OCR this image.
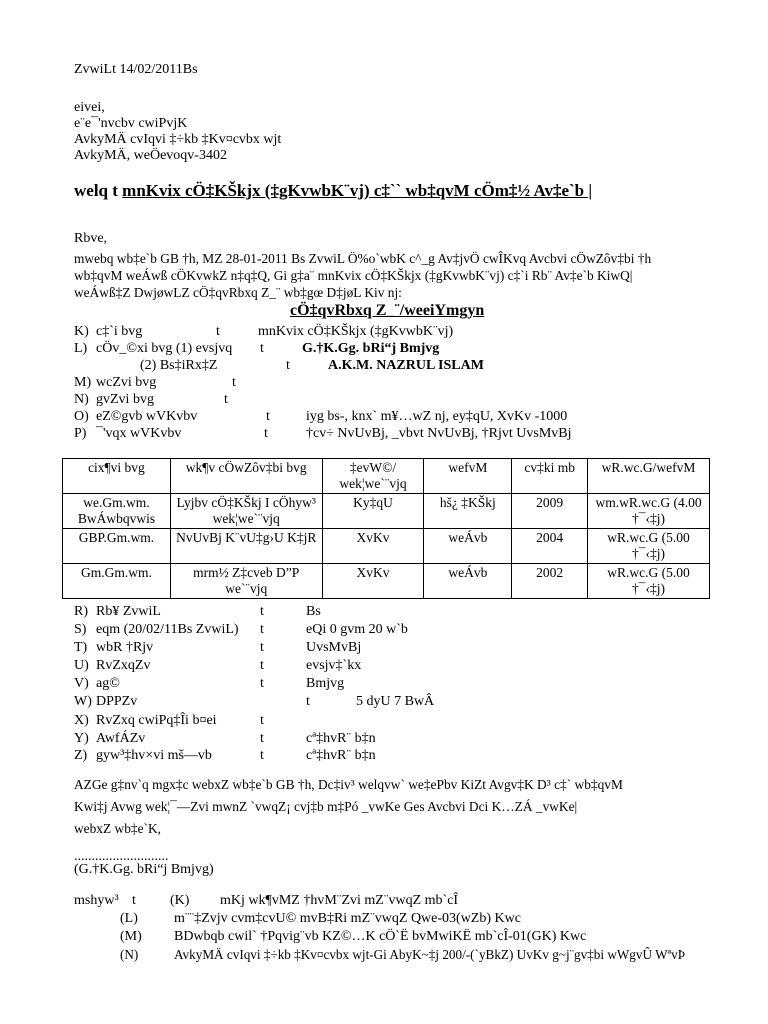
ZvwiLt 14/02/2011Bs
eivei,
e¨e¯'nvcbv cwiPvjK
AvkyMÄ cvIqvi ‡÷kb ‡Kv¤cvbx wjt
AvkyMÄ, weÖevoqv-3402
welq t mnKvix cÖ‡KŠkjx (‡gKvwbK¨vj) c‡`` wb‡qvM cÖm‡½ Av‡e`b |
Rbve,
mwebq wb‡e`b GB †h, MZ 28-01-2011 Bs ZvwiL Ö%o`wbK c^_g Av‡jvÖ cwÎKvq Avcbvi cÖwZôv‡bi †h
wb‡qvM weÁwß cÖKvwkZ n‡q‡Q, Gi g‡a¨ mnKvix cÖ‡KŠkjx (‡gKvwbK¨vj) c‡`i Rb¨ Av‡e`b KiwQ|
weÁwß‡Z DwjøwLZ cÖ‡qvRbxq Z_¨ wb‡gœ D‡jøL Kiv nj:
cÖ‡qvRbxq Z_¨/weeiYmgyn
K) c‡`i bvg	t	mnKvix cÖ‡KŠkjx (‡gKvwbK¨vj)
L) cÖv_©xi bvg (1) evsjvq t	G.†K.Gg. bRi“j Bmjvg
(2) Bs‡iRx‡Z	t	A.K.M. NAZRUL ISLAM
M) wcZvi bvg	t
N) gvZvi bvg	t
O) eZ©gvb wVKvbv	t	iyg bs-, knx` m¥…wZ nj, ey‡qU, XvKv -1000
P) ¯'vqx wVKvbv	t	†cv÷ NvUvBj, _vbvt NvUvBj, †Rjvt UvsMvBj
cix¶vi bvg	wk¶v cÖwZôv‡bi bvg	‡evW©/ wek¦we`¨vjq	wefvM	cv‡ki mb	wR.wc.G/wefvM
we.Gm.wm. BwÁwbqvwis	Lyjbv cÖ‡KŠkj I cÖhyw³ wek¦we`¨vjq	Ky‡qU	hš¿ ‡KŠkj	2009	wm.wR.wc.G (4.00 †¯‹‡j)
GBP.Gm.wm.	NvUvBj K¨vU‡g›U K‡jR	XvKv	weÁvb	2004	wR.wc.G (5.00 †¯‹‡j)
Gm.Gm.wm.	mrm½ Z‡cveb D”P we`¨vjq	XvKv	weÁvb	2002	wR.wc.G (5.00 †¯‹‡j)
R) Rb¥ ZvwiL	t	Bs
S) eqm (20/02/11Bs ZvwiL) t	eQi 0 gvm 20 w`b
T) wbR †Rjv	t	UvsMvBj
U) RvZxqZv	t	evsjv‡`kx
V) ag©	t	Bmjvg
W) DPPZv	t	5 dyU 7 BwÂ
X) RvZxq cwiPq‡Îi b¤ei	t
Y) AwfÁZv	t	cª‡hvR¨ b‡n
Z) gyw³‡hv×vi mš—vb	t	cª‡hvR¨ b‡n
AZGe g‡nv`q mgx‡c webxZ wb‡e`b GB †h, Dc‡iv³ welqvw` we‡ePbv KiZt Avgv‡K D³ c‡` wb‡qvM
Kwi‡j Avwg wek¦¯—Zvi mwnZ `vwqZ¡ cvj‡b m‡Pó _vwKe Ges Avcbvi Dci K…ZÁ _vwKe|
webxZ wb‡e`K,
...........................
(G.†K.Gg. bRi“j Bmjvg)
mshyw³ t (K) mKj wk¶vMZ †hvM¨Zvi mZ¨vwqZ mb`cÎ
(L)	m¨¨‡Zvjv cvm‡cvU© mvB‡Ri mZ¨vwqZ Qwe-03(wZb) Kwc
(M) BDwbqb cwil` †Pqvig¨vb KZ©…K cÖ`Ë bvMwiKË mb`cÎ-01(GK) Kwc
(N)	AvkyMÄ cvIqvi ‡÷kb ‡Kv¤cvbx wjt-Gi AbyK~‡j 200/-(`yBkZ) UvKv g~j¨gv‡bi wWgvÛ WªvÞ
